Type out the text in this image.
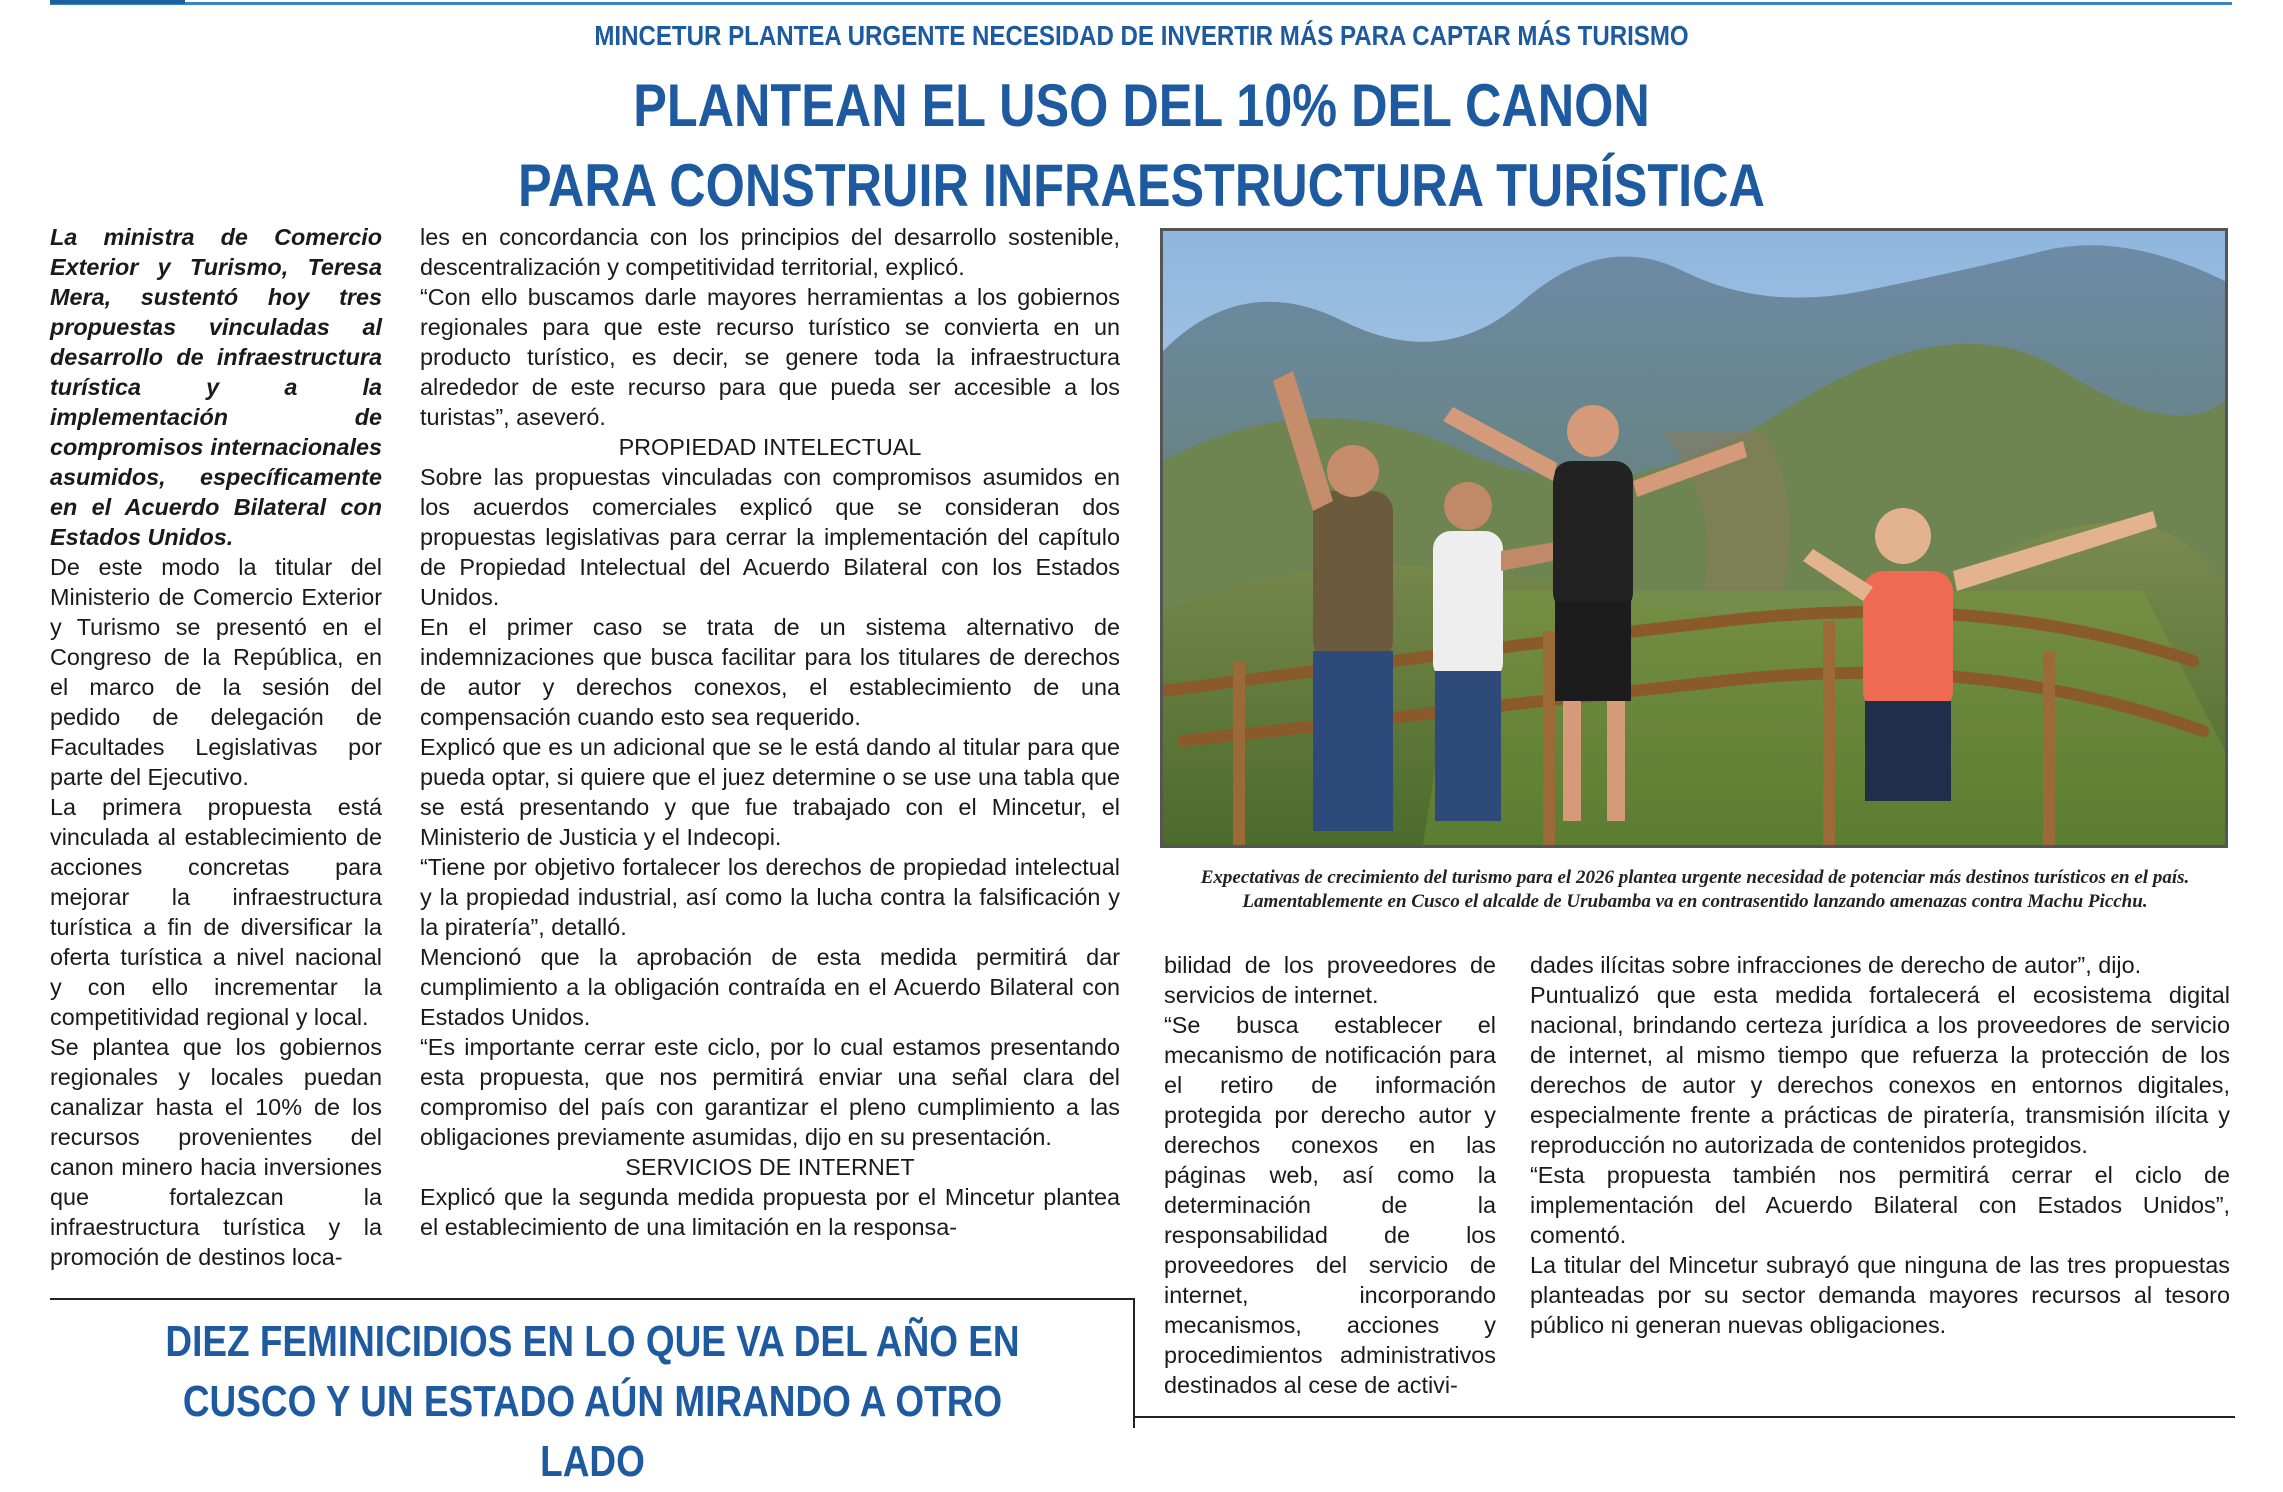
MINCETUR PLANTEA URGENTE NECESIDAD DE INVERTIR MÁS PARA CAPTAR MÁS TURISMO
PLANTEAN EL USO DEL 10% DEL CANON
PARA CONSTRUIR INFRAESTRUCTURA TURÍSTICA

La ministra de Comercio Exterior y Turismo, Teresa Mera, sustentó hoy tres propuestas vinculadas al desarrollo de infraestructura turística y a la implementación de compromisos internacionales asumidos, específicamente en el Acuerdo Bilateral con Estados Unidos.

De este modo la titular del Ministerio de Comercio Exterior y Turismo se presentó en el Congreso de la República, en el marco de la sesión del pedido de delegación de Facultades Legislativas por parte del Ejecutivo.

La primera propuesta está vinculada al establecimiento de acciones concretas para mejorar la infraestructura turística a fin de diversificar la oferta turística a nivel nacional y con ello incrementar la competitividad regional y local.

Se plantea que los gobiernos regionales y locales puedan canalizar hasta el 10% de los recursos provenientes del canon minero hacia inversiones que fortalezcan la infraestructura turística y la promoción de destinos loca-

les en concordancia con los principios del desarrollo sostenible, descentralización y competitividad territorial, explicó.

“Con ello buscamos darle mayores herramientas a los gobiernos regionales para que este recurso turístico se convierta en un producto turístico, es decir, se genere toda la infraestructura alrededor de este recurso para que pueda ser accesible a los turistas”, aseveró.

PROPIEDAD INTELECTUAL

Sobre las propuestas vinculadas con compromisos asumidos en los acuerdos comerciales explicó que se consideran dos propuestas legislativas para cerrar la implementación del capítulo de Propiedad Intelectual del Acuerdo Bilateral con los Estados Unidos.

En el primer caso se trata de un sistema alternativo de indemnizaciones que busca facilitar para los titulares de derechos de autor y derechos conexos, el establecimiento de una compensación cuando esto sea requerido.

Explicó que es un adicional que se le está dando al titular para que pueda optar, si quiere que el juez determine o se use una tabla que se está presentando y que fue trabajado con el Mincetur, el Ministerio de Justicia y el Indecopi.

“Tiene por objetivo fortalecer los derechos de propiedad intelectual y la propiedad industrial, así como la lucha contra la falsificación y la piratería”, detalló.

Mencionó que la aprobación de esta medida permitirá dar cumplimiento a la obligación contraída en el Acuerdo Bilateral con Estados Unidos.

“Es importante cerrar este ciclo, por lo cual estamos presentando esta propuesta, que nos permitirá enviar una señal clara del compromiso del país con garantizar el pleno cumplimiento a las obligaciones previamente asumidas, dijo en su presentación.

SERVICIOS DE INTERNET

Explicó que la segunda medida propuesta por el Mincetur plantea el establecimiento de una limitación en la responsa-

Expectativas de crecimiento del turismo para el 2026 plantea urgente necesidad de potenciar más destinos turísticos en el país. Lamentablemente en Cusco el alcalde de Urubamba va en contrasentido lanzando amenazas contra Machu Picchu.

bilidad de los proveedores de servicios de internet.

“Se busca establecer el mecanismo de notificación para el retiro de información protegida por derecho autor y derechos conexos en las páginas web, así como la determinación de la responsabilidad de los proveedores del servicio de internet, incorporando mecanismos, acciones y procedimientos administrativos destinados al cese de activi-

dades ilícitas sobre infracciones de derecho de autor”, dijo.

Puntualizó que esta medida fortalecerá el ecosistema digital nacional, brindando certeza jurídica a los proveedores de servicio de internet, al mismo tiempo que refuerza la protección de los derechos de autor y derechos conexos en entornos digitales, especialmente frente a prácticas de piratería, transmisión ilícita y reproducción no autorizada de contenidos protegidos.

“Esta propuesta también nos permitirá cerrar el ciclo de implementación del Acuerdo Bilateral con Estados Unidos”, comentó.

La titular del Mincetur subrayó que ninguna de las tres propuestas planteadas por su sector demanda mayores recursos al tesoro público ni generan nuevas obligaciones.

DIEZ FEMINICIDIOS EN LO QUE VA DEL AÑO EN
CUSCO Y UN ESTADO AÚN MIRANDO A OTRO LADO
